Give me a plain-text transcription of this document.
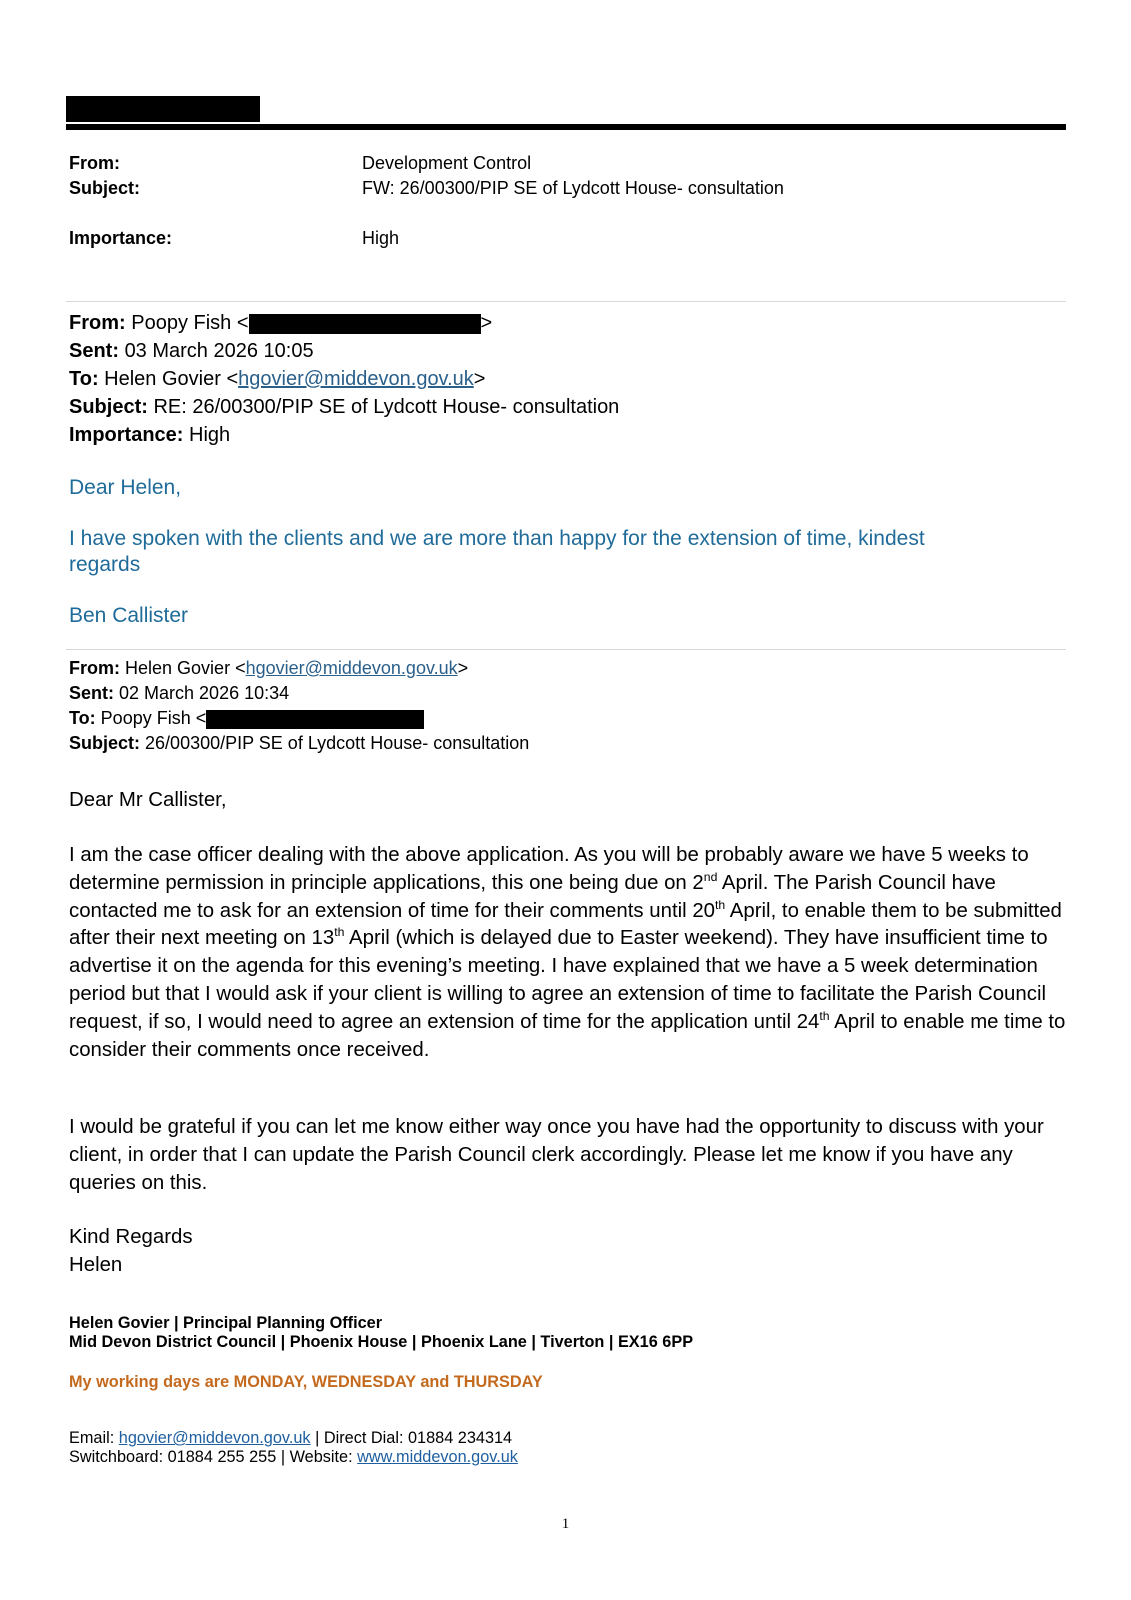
From:	Development Control
Subject:	FW: 26/00300/PIP SE of Lydcott House- consultation
Importance:	High
From: Poopy Fish <	>
Sent: 03 March 2026 10:05
To: Helen Govier <hgovier@middevon.gov.uk>
Subject: RE: 26/00300/PIP SE of Lydcott House- consultation
Importance: High
Dear Helen,
I have spoken with the clients and we are more than happy for the extension of time, kindest
regards
Ben Callister
From: Helen Govier <hgovier@middevon.gov.uk>
Sent: 02 March 2026 10:34
To: Poopy Fish <
Subject: 26/00300/PIP SE of Lydcott House- consultation
Dear Mr Callister,
I am the case officer dealing with the above application. As you will be probably aware we have 5 weeks to determine permission in principle applications, this one being due on 2nd April. The Parish Council have contacted me to ask for an extension of time for their comments until 20th April, to enable them to be submitted after their next meeting on 13th April (which is delayed due to Easter weekend). They have insufficient time to advertise it on the agenda for this evening’s meeting. I have explained that we have a 5 week determination period but that I would ask if your client is willing to agree an extension of time to facilitate the Parish Council request, if so, I would need to agree an extension of time for the application until 24th April to enable me time to consider their comments once received.
I would be grateful if you can let me know either way once you have had the opportunity to discuss with your client, in order that I can update the Parish Council clerk accordingly. Please let me know if you have any queries on this.
Kind Regards
Helen
Helen Govier | Principal Planning Officer
Mid Devon District Council | Phoenix House | Phoenix Lane | Tiverton | EX16 6PP
My working days are MONDAY, WEDNESDAY and THURSDAY
Email: hgovier@middevon.gov.uk | Direct Dial: 01884 234314
Switchboard: 01884 255 255 | Website: www.middevon.gov.uk
1
